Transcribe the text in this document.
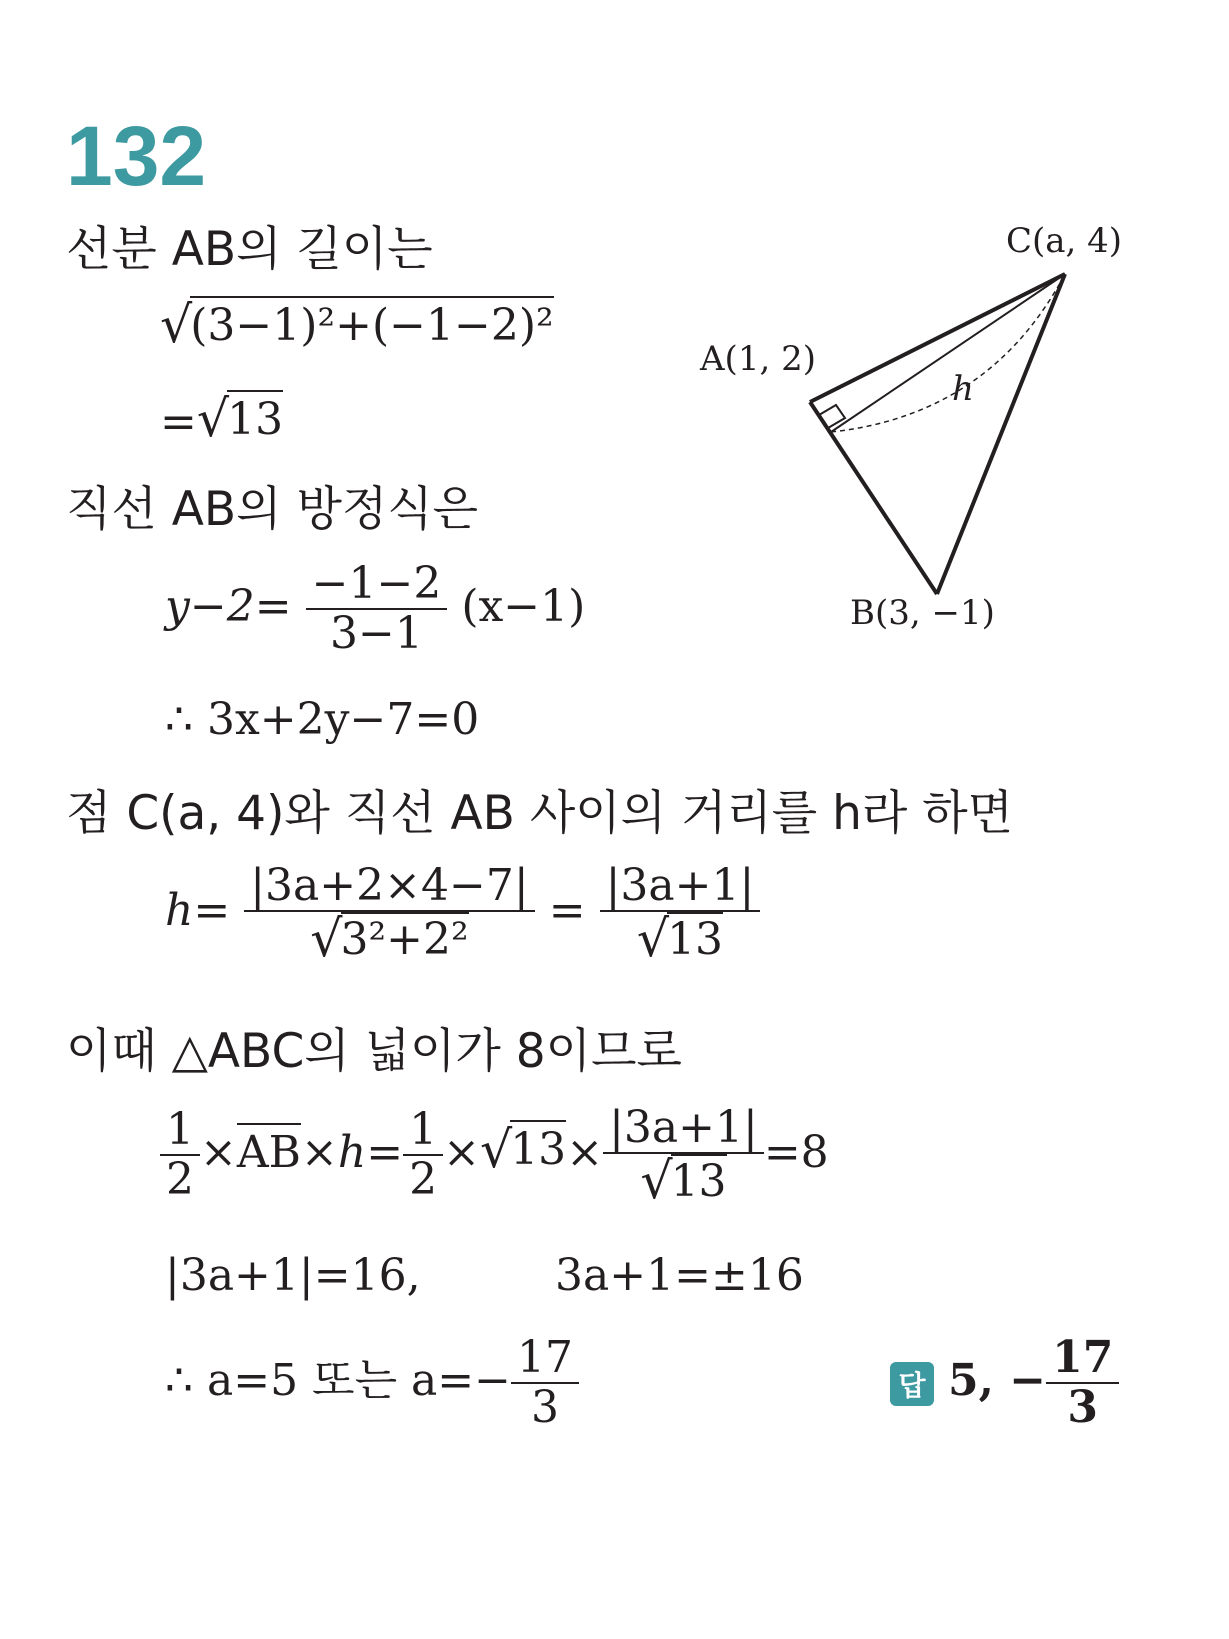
132
선분 AB의 길이는
√
(3−1)²+(−1−2)²
= √
13
직선 AB의 방정식은
$y-2= \frac{-1-2}{3-1} (x-1)$
∴ 3x+2y−7=0
점 C(a, 4)와 직선 AB 사이의 거리를 h라 하면
h= |3a+2×4−7|
√
3²+2² = |3a+1|
√
13
이때 △ABC의 넓이가 8이므로
$\frac{1}{2} \times AB\times h= \frac{1}{2}$ × √
13 × |3a+1|
√
13 =8
|3a+1|=16,	3a+1=±16
∴ a=5 또는 $a=- \frac{17}{3}$	답 5, − $\frac{17}{3}$
C(a, 4)
A(1, 2)
B(3, −1)
h
